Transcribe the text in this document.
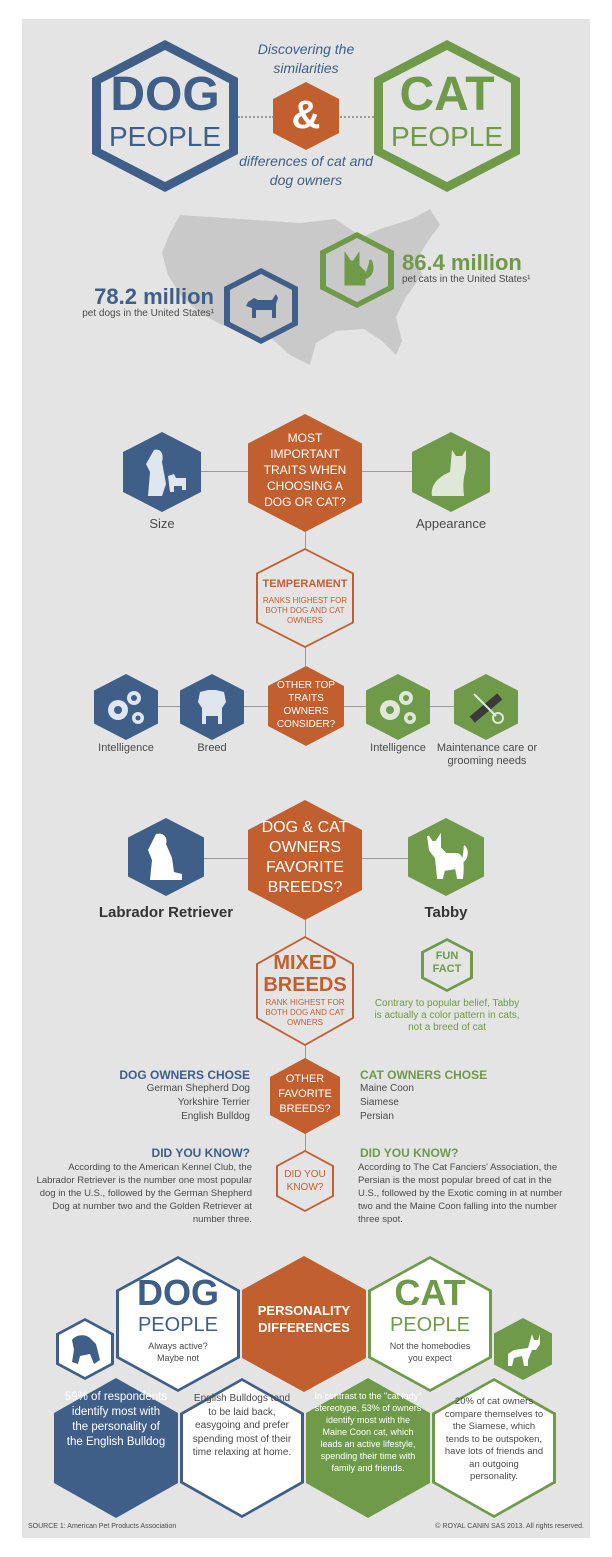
DOG
PEOPLE
CAT
PEOPLE
&
Discovering the similarities
differences of cat and dog owners
78.2 million
pet dogs in the United States¹
86.4 million
pet cats in the United States¹
Size
MOST IMPORTANT TRAITS WHEN CHOOSING A DOG OR CAT?
Appearance
TEMPERAMENT
RANKS HIGHEST FOR BOTH DOG AND CAT OWNERS
Intelligence	Breed
OTHER TOP TRAITS OWNERS CONSIDER?
Intelligence	Maintenance care or grooming needs
Labrador Retriever
DOG & CAT OWNERS FAVORITE BREEDS?
Tabby
MIXED BREEDS
RANK HIGHEST FOR BOTH DOG AND CAT OWNERS
FUN FACT
Contrary to popular belief, Tabby is actually a color pattern in cats, not a breed of cat
OTHER FAVORITE BREEDS?
DOG OWNERS CHOSE
German Shepherd Dog
Yorkshire Terrier
English Bulldog
CAT OWNERS CHOSE
Maine Coon
Siamese
Persian
DID YOU KNOW?
DID YOU KNOW?
According to the American Kennel Club, the Labrador Retriever is the number one most popular dog in the U.S., followed by the German Shepherd Dog at number two and the Golden Retriever at number three.
DID YOU KNOW?
According to The Cat Fanciers' Association, the Persian is the most popular breed of cat in the U.S., followed by the Exotic coming in at number two and the Maine Coon falling into the number three spot.
DOG
PEOPLE
Always active? Maybe not
PERSONALITY DIFFERENCES
CAT
PEOPLE
Not the homebodies you expect
59% of respondents identify most with the personality of the English Bulldog
English Bulldogs tend to be laid back, easygoing and prefer spending most of their time relaxing at home.
In contrast to the "cat lady" stereotype, 53% of owners identify most with the Maine Coon cat, which leads an active lifestyle, spending their time with family and friends.
20% of cat owners compare themselves to the Siamese, which tends to be outspoken, have lots of friends and an outgoing personality.
SOURCE 1: American Pet Products Association	© ROYAL CANIN SAS 2013. All rights reserved.
